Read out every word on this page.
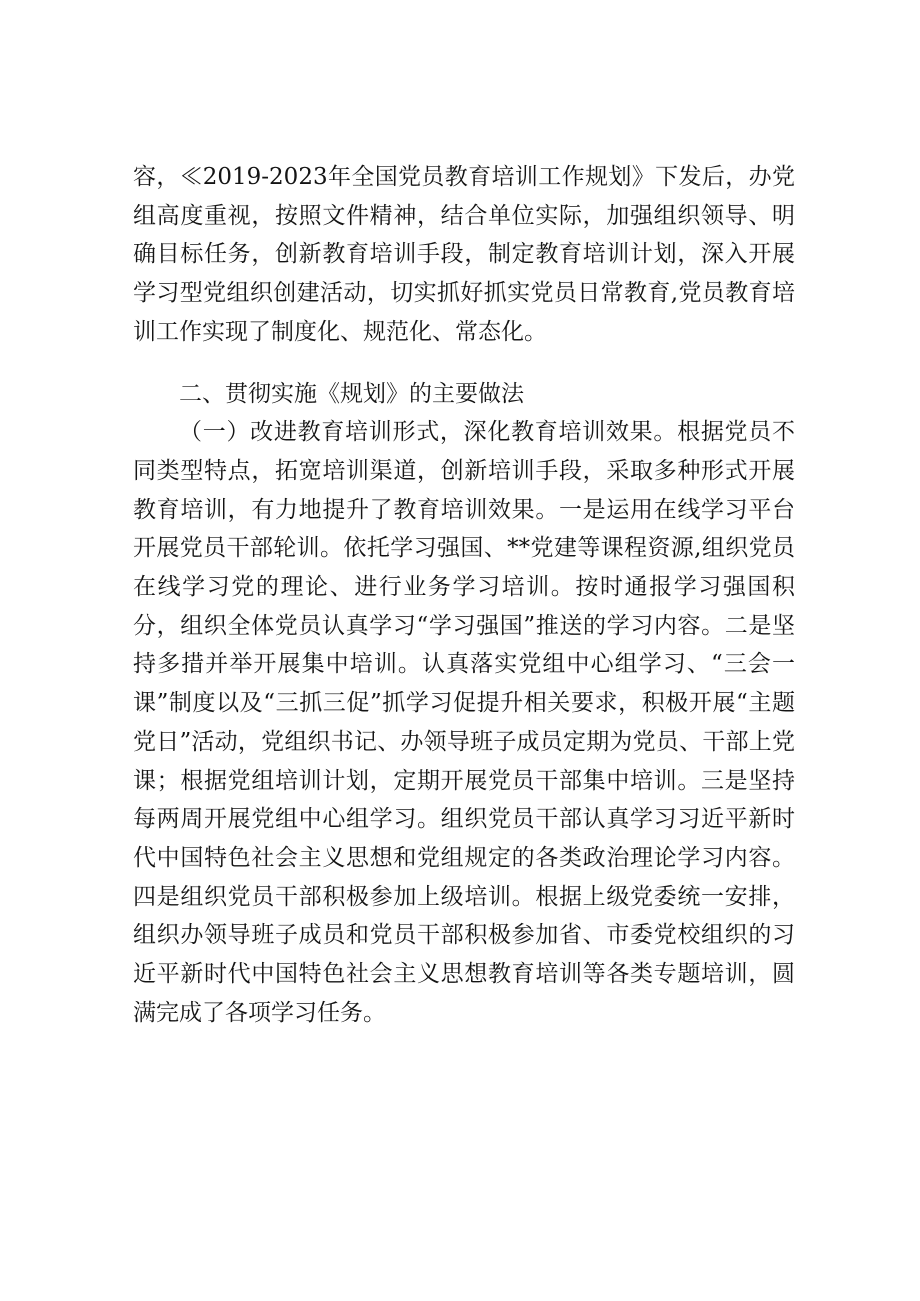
容，≪2019-2023年全国党员教育培训工作规划》下发后，办党组高度重视，按照文件精神，结合单位实际，加强组织领导、明确目标任务，创新教育培训手段，制定教育培训计划，深入开展学习型党组织创建活动，切实抓好抓实党员日常教育,党员教育培训工作实现了制度化、规范化、常态化。

二、贯彻实施《规划》的主要做法

（一）改进教育培训形式，深化教育培训效果。根据党员不同类型特点，拓宽培训渠道，创新培训手段，采取多种形式开展教育培训，有力地提升了教育培训效果。一是运用在线学习平台开展党员干部轮训。依托学习强国、**党建等课程资源,组织党员在线学习党的理论、进行业务学习培训。按时通报学习强国积分，组织全体党员认真学习“学习强国”推送的学习内容。二是坚持多措并举开展集中培训。认真落实党组中心组学习、“三会一课”制度以及“三抓三促”抓学习促提升相关要求，积极开展“主题党日”活动，党组织书记、办领导班子成员定期为党员、干部上党课；根据党组培训计划，定期开展党员干部集中培训。三是坚持每两周开展党组中心组学习。组织党员干部认真学习习近平新时代中国特色社会主义思想和党组规定的各类政治理论学习内容。四是组织党员干部积极参加上级培训。根据上级党委统一安排，组织办领导班子成员和党员干部积极参加省、市委党校组织的习近平新时代中国特色社会主义思想教育培训等各类专题培训，圆满完成了各项学习任务。
